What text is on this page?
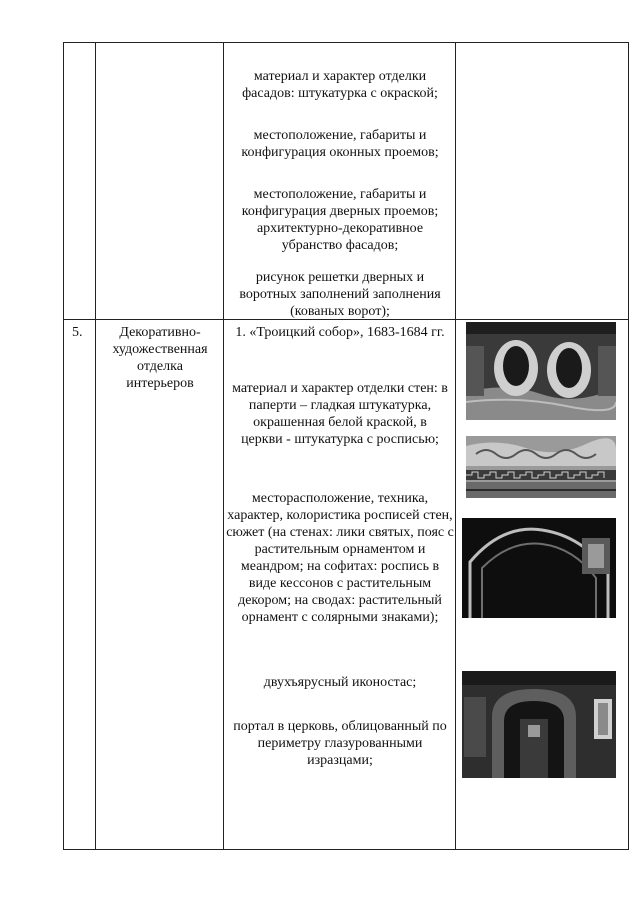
материал и характер отделки фасадов: штукатурка с окраской;
местоположение, габариты и конфигурация оконных проемов;
местоположение, габариты и конфигурация дверных проемов; архитектурно-декоративное убранство фасадов;
рисунок решетки дверных и воротных заполнений заполнения (кованых ворот);
5.	Декоративно-художественная отделка интерьеров
1. «Троицкий собор», 1683-1684 гг.
материал и характер отделки стен: в паперти – гладкая штукатурка, окрашенная белой краской, в церкви - штукатурка с росписью;
месторасположение, техника, характер, колористика росписей стен, сюжет (на стенах: лики святых, пояс с растительным орнаментом и меандром; на софитах: роспись в виде кессонов с растительным декором; на сводах: растительный орнамент с солярными знаками);
двухъярусный иконостас;
портал в церковь, облицованный по периметру глазурованными изразцами;
